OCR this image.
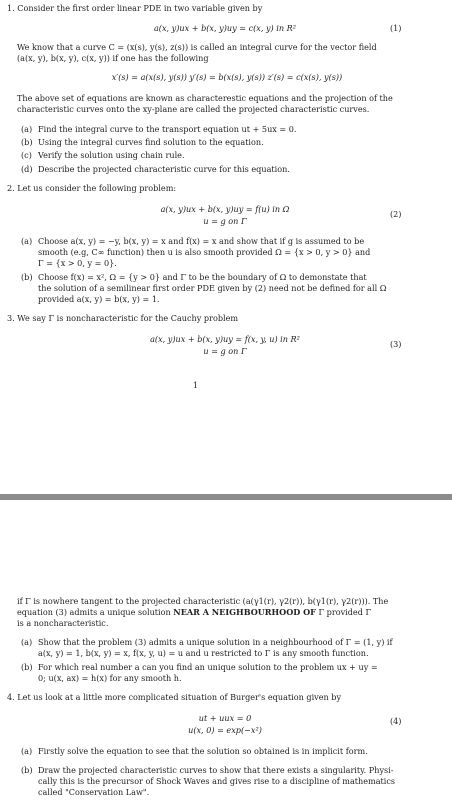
1. Consider the first order linear PDE in two variable given by
a(x, y)ux + b(x, y)uy = c(x, y) in R²	(1)
We know that a curve C = (x(s), y(s), z(s)) is called an integral curve for the vector field
(a(x, y), b(x, y), c(x, y)) if one has the following
x′(s) = a(x(s), y(s)) y′(s) = b(x(s), y(s)) z′(s) = c(x(s), y(s))
The above set of equations are known as characterestic equations and the projection of the
characteristic curves onto the xy-plane are called the projected characteristic curves.
(a) Find the integral curve to the transport equation ut + 5ux = 0.
(b) Using the integral curves find solution to the equation.
(c) Verify the solution using chain rule.
(d) Describe the projected characteristic curve for this equation.
2. Let us consider the following problem:
a(x, y)ux + b(x, y)uy = f(u) in Ω
u = g on Γ
(2)
(a) Choose a(x, y) = −y, b(x, y) = x and f(x) = x and show that if g is assumed to be
smooth (e.g, C∞ function) then u is also smooth provided Ω = {x > 0, y > 0} and
Γ = {x > 0, y = 0}.
(b) Choose f(x) = x², Ω = {y > 0} and Γ to be the boundary of Ω to demonstate that
the solution of a semilinear first order PDE given by (2) need not be defined for all Ω
provided a(x, y) = b(x, y) = 1.
3. We say Γ is noncharacteristic for the Cauchy problem
a(x, y)ux + b(x, y)uy = f(x, y, u) in R²
u = g on Γ
(3)
1
if Γ is nowhere tangent to the projected characteristic (a(γ1(r), γ2(r)), b(γ1(r), γ2(r))). The
equation (3) admits a unique solution NEAR A NEIGHBOURHOOD OF Γ provided Γ
is a noncharacteristic.
(a) Show that the problem (3) admits a unique solution in a neighbourhood of Γ = (1, y) if
a(x, y) = 1, b(x, y) = x, f(x, y, u) = u and u restricted to Γ is any smooth function.
(b) For which real number a can you find an unique solution to the problem ux + uy =
0; u(x, ax) = h(x) for any smooth h.
4. Let us look at a little more complicated situation of Burger's equation given by
ut + uux = 0
u(x, 0) = exp(−x²)
(4)
(a) Firstly solve the equation to see that the solution so obtained is in implicit form.
(b) Draw the projected characteristic curves to show that there exists a singularity. Physi-
cally this is the precursor of Shock Waves and gives rise to a discipline of mathematics
called "Conservation Law".
